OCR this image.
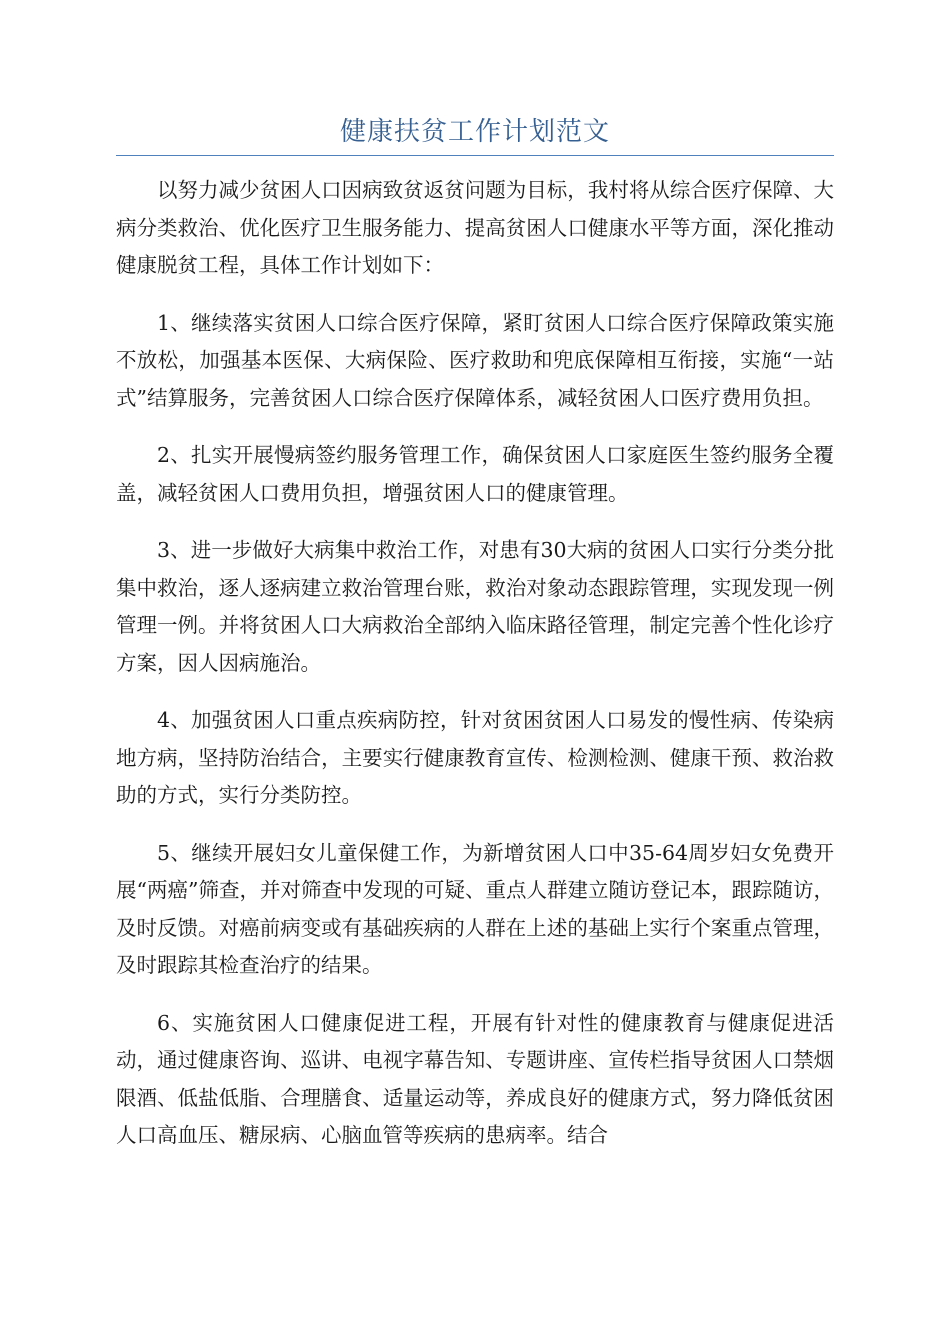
健康扶贫工作计划范文

以努力减少贫困人口因病致贫返贫问题为目标，我村将从综合医疗保障、大病分类救治、优化医疗卫生服务能力、提高贫困人口健康水平等方面，深化推动健康脱贫工程，具体工作计划如下：

1、继续落实贫困人口综合医疗保障，紧盯贫困人口综合医疗保障政策实施不放松，加强基本医保、大病保险、医疗救助和兜底保障相互衔接，实施“一站式”结算服务，完善贫困人口综合医疗保障体系，减轻贫困人口医疗费用负担。

2、扎实开展慢病签约服务管理工作，确保贫困人口家庭医生签约服务全覆盖，减轻贫困人口费用负担，增强贫困人口的健康管理。

3、进一步做好大病集中救治工作，对患有30大病的贫困人口实行分类分批集中救治，逐人逐病建立救治管理台账，救治对象动态跟踪管理，实现发现一例管理一例。并将贫困人口大病救治全部纳入临床路径管理，制定完善个性化诊疗方案，因人因病施治。

4、加强贫困人口重点疾病防控，针对贫困贫困人口易发的慢性病、传染病地方病，坚持防治结合，主要实行健康教育宣传、检测检测、健康干预、救治救助的方式，实行分类防控。

5、继续开展妇女儿童保健工作，为新增贫困人口中35-64周岁妇女免费开展“两癌”筛查，并对筛查中发现的可疑、重点人群建立随访登记本，跟踪随访，及时反馈。对癌前病变或有基础疾病的人群在上述的基础上实行个案重点管理，及时跟踪其检查治疗的结果。

6、实施贫困人口健康促进工程，开展有针对性的健康教育与健康促进活动，通过健康咨询、巡讲、电视字幕告知、专题讲座、宣传栏指导贫困人口禁烟限酒、低盐低脂、合理膳食、适量运动等，养成良好的健康方式，努力降低贫困人口高血压、糖尿病、心脑血管等疾病的患病率。结合
